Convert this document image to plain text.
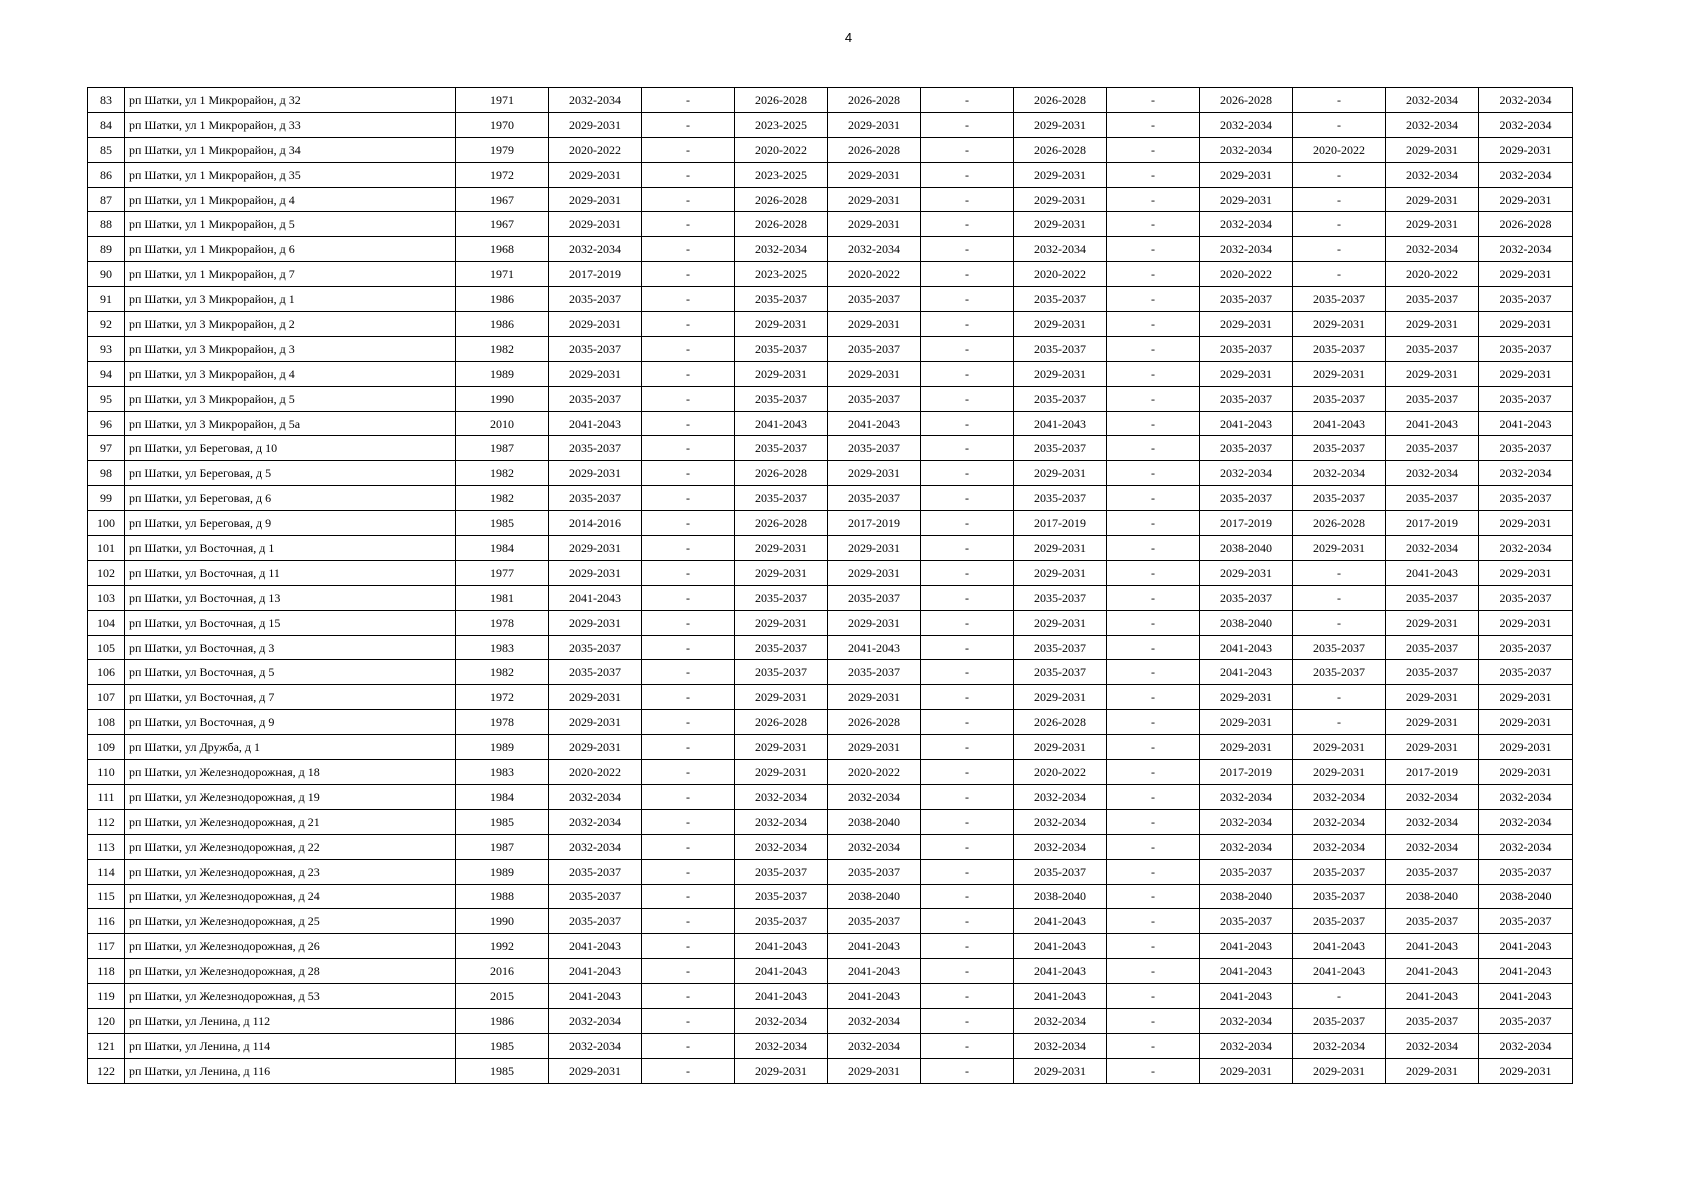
4
83	рп Шатки, ул 1 Микрорайон, д 32	1971	2032-2034	-	2026-2028	2026-2028	-	2026-2028	-	2026-2028	-	2032-2034	2032-2034
84	рп Шатки, ул 1 Микрорайон, д 33	1970	2029-2031	-	2023-2025	2029-2031	-	2029-2031	-	2032-2034	-	2032-2034	2032-2034
85	рп Шатки, ул 1 Микрорайон, д 34	1979	2020-2022	-	2020-2022	2026-2028	-	2026-2028	-	2032-2034	2020-2022	2029-2031	2029-2031
86	рп Шатки, ул 1 Микрорайон, д 35	1972	2029-2031	-	2023-2025	2029-2031	-	2029-2031	-	2029-2031	-	2032-2034	2032-2034
87	рп Шатки, ул 1 Микрорайон, д 4	1967	2029-2031	-	2026-2028	2029-2031	-	2029-2031	-	2029-2031	-	2029-2031	2029-2031
88	рп Шатки, ул 1 Микрорайон, д 5	1967	2029-2031	-	2026-2028	2029-2031	-	2029-2031	-	2032-2034	-	2029-2031	2026-2028
89	рп Шатки, ул 1 Микрорайон, д 6	1968	2032-2034	-	2032-2034	2032-2034	-	2032-2034	-	2032-2034	-	2032-2034	2032-2034
90	рп Шатки, ул 1 Микрорайон, д 7	1971	2017-2019	-	2023-2025	2020-2022	-	2020-2022	-	2020-2022	-	2020-2022	2029-2031
91	рп Шатки, ул 3 Микрорайон, д 1	1986	2035-2037	-	2035-2037	2035-2037	-	2035-2037	-	2035-2037	2035-2037	2035-2037	2035-2037
92	рп Шатки, ул 3 Микрорайон, д 2	1986	2029-2031	-	2029-2031	2029-2031	-	2029-2031	-	2029-2031	2029-2031	2029-2031	2029-2031
93	рп Шатки, ул 3 Микрорайон, д 3	1982	2035-2037	-	2035-2037	2035-2037	-	2035-2037	-	2035-2037	2035-2037	2035-2037	2035-2037
94	рп Шатки, ул 3 Микрорайон, д 4	1989	2029-2031	-	2029-2031	2029-2031	-	2029-2031	-	2029-2031	2029-2031	2029-2031	2029-2031
95	рп Шатки, ул 3 Микрорайон, д 5	1990	2035-2037	-	2035-2037	2035-2037	-	2035-2037	-	2035-2037	2035-2037	2035-2037	2035-2037
96	рп Шатки, ул 3 Микрорайон, д 5а	2010	2041-2043	-	2041-2043	2041-2043	-	2041-2043	-	2041-2043	2041-2043	2041-2043	2041-2043
97	рп Шатки, ул Береговая, д 10	1987	2035-2037	-	2035-2037	2035-2037	-	2035-2037	-	2035-2037	2035-2037	2035-2037	2035-2037
98	рп Шатки, ул Береговая, д 5	1982	2029-2031	-	2026-2028	2029-2031	-	2029-2031	-	2032-2034	2032-2034	2032-2034	2032-2034
99	рп Шатки, ул Береговая, д 6	1982	2035-2037	-	2035-2037	2035-2037	-	2035-2037	-	2035-2037	2035-2037	2035-2037	2035-2037
100	рп Шатки, ул Береговая, д 9	1985	2014-2016	-	2026-2028	2017-2019	-	2017-2019	-	2017-2019	2026-2028	2017-2019	2029-2031
101	рп Шатки, ул Восточная, д 1	1984	2029-2031	-	2029-2031	2029-2031	-	2029-2031	-	2038-2040	2029-2031	2032-2034	2032-2034
102	рп Шатки, ул Восточная, д 11	1977	2029-2031	-	2029-2031	2029-2031	-	2029-2031	-	2029-2031	-	2041-2043	2029-2031
103	рп Шатки, ул Восточная, д 13	1981	2041-2043	-	2035-2037	2035-2037	-	2035-2037	-	2035-2037	-	2035-2037	2035-2037
104	рп Шатки, ул Восточная, д 15	1978	2029-2031	-	2029-2031	2029-2031	-	2029-2031	-	2038-2040	-	2029-2031	2029-2031
105	рп Шатки, ул Восточная, д 3	1983	2035-2037	-	2035-2037	2041-2043	-	2035-2037	-	2041-2043	2035-2037	2035-2037	2035-2037
106	рп Шатки, ул Восточная, д 5	1982	2035-2037	-	2035-2037	2035-2037	-	2035-2037	-	2041-2043	2035-2037	2035-2037	2035-2037
107	рп Шатки, ул Восточная, д 7	1972	2029-2031	-	2029-2031	2029-2031	-	2029-2031	-	2029-2031	-	2029-2031	2029-2031
108	рп Шатки, ул Восточная, д 9	1978	2029-2031	-	2026-2028	2026-2028	-	2026-2028	-	2029-2031	-	2029-2031	2029-2031
109	рп Шатки, ул Дружба, д 1	1989	2029-2031	-	2029-2031	2029-2031	-	2029-2031	-	2029-2031	2029-2031	2029-2031	2029-2031
110	рп Шатки, ул Железнодорожная, д 18	1983	2020-2022	-	2029-2031	2020-2022	-	2020-2022	-	2017-2019	2029-2031	2017-2019	2029-2031
111	рп Шатки, ул Железнодорожная, д 19	1984	2032-2034	-	2032-2034	2032-2034	-	2032-2034	-	2032-2034	2032-2034	2032-2034	2032-2034
112	рп Шатки, ул Железнодорожная, д 21	1985	2032-2034	-	2032-2034	2038-2040	-	2032-2034	-	2032-2034	2032-2034	2032-2034	2032-2034
113	рп Шатки, ул Железнодорожная, д 22	1987	2032-2034	-	2032-2034	2032-2034	-	2032-2034	-	2032-2034	2032-2034	2032-2034	2032-2034
114	рп Шатки, ул Железнодорожная, д 23	1989	2035-2037	-	2035-2037	2035-2037	-	2035-2037	-	2035-2037	2035-2037	2035-2037	2035-2037
115	рп Шатки, ул Железнодорожная, д 24	1988	2035-2037	-	2035-2037	2038-2040	-	2038-2040	-	2038-2040	2035-2037	2038-2040	2038-2040
116	рп Шатки, ул Железнодорожная, д 25	1990	2035-2037	-	2035-2037	2035-2037	-	2041-2043	-	2035-2037	2035-2037	2035-2037	2035-2037
117	рп Шатки, ул Железнодорожная, д 26	1992	2041-2043	-	2041-2043	2041-2043	-	2041-2043	-	2041-2043	2041-2043	2041-2043	2041-2043
118	рп Шатки, ул Железнодорожная, д 28	2016	2041-2043	-	2041-2043	2041-2043	-	2041-2043	-	2041-2043	2041-2043	2041-2043	2041-2043
119	рп Шатки, ул Железнодорожная, д 53	2015	2041-2043	-	2041-2043	2041-2043	-	2041-2043	-	2041-2043	-	2041-2043	2041-2043
120	рп Шатки, ул Ленина, д 112	1986	2032-2034	-	2032-2034	2032-2034	-	2032-2034	-	2032-2034	2035-2037	2035-2037	2035-2037
121	рп Шатки, ул Ленина, д 114	1985	2032-2034	-	2032-2034	2032-2034	-	2032-2034	-	2032-2034	2032-2034	2032-2034	2032-2034
122	рп Шатки, ул Ленина, д 116	1985	2029-2031	-	2029-2031	2029-2031	-	2029-2031	-	2029-2031	2029-2031	2029-2031	2029-2031
